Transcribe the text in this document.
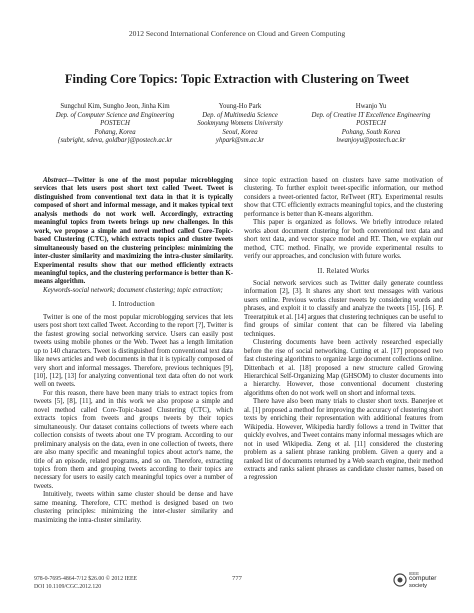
2012 Second International Conference on Cloud and Green Computing
Finding Core Topics: Topic Extraction with Clustering on Tweet
Sungchul Kim, Sungho Jeon, Jinha Kim
Dep. of Computer Science and Engineering
POSTECH
Pohang, Korea
{subright, sdeva, goldbar}@postech.ac.kr
Young-Ho Park
Dep. of Multimedia Science
Sookmyung Womens University
Seoul, Korea
yhpark@sm.ac.kr
Hwanjo Yu
Dep. of Creative IT Excellence Engineering
POSTECH
Pohang, South Korea
hwanjoyu@postech.ac.kr

Abstract—Twitter is one of the most popular microblogging services that lets users post short text called Tweet. Tweet is distinguished from conventional text data in that it is typically composed of short and informal message, and it makes typical text analysis methods do not work well. Accordingly, extracting meaningful topics from tweets brings up new challenges. In this work, we propose a simple and novel method called Core-Topic-based Clustering (CTC), which extracts topics and cluster tweets simultaneously based on the clustering principles: minimizing the inter-cluster similarity and maximizing the intra-cluster similarity. Experimental results show that our method efficiently extracts meaningful topics, and the clustering performance is better than K-means algorithm.

Keywords-social network; document clustering; topic extraction;

I. Introduction

Twitter is one of the most popular microblogging services that lets users post short text called Tweet. According to the report [?], Twitter is the fastest growing social networking service. Users can easily post tweets using mobile phones or the Web. Tweet has a length limitation up to 140 characters. Tweet is distinguished from conventional text data like news articles and web documents in that it is typically composed of very short and informal messages. Therefore, previous techniques [9], [10], [12], [13] for analyzing conventional text data often do not work well on tweets.

For this reason, there have been many trials to extract topics from tweets [5], [8], [11], and in this work we also propose a simple and novel method called Core-Topic-based Clustering (CTC), which extracts topics from tweets and groups tweets by their topics simultaneously. Our dataset contains collections of tweets where each collection consists of tweets about one TV program. According to our preliminary analysis on the data, even in one collection of tweets, there are also many specific and meaningful topics about actor's name, the title of an episode, related programs, and so on. Therefore, extracting topics from them and grouping tweets according to their topics are necessary for users to easily catch meaningful topics over a number of tweets.

Intuitively, tweets within same cluster should be dense and have same meaning. Therefore, CTC method is designed based on two clustering principles: minimizing the inter-cluster similarity and maximizing the intra-cluster similarity.

since topic extraction based on clusters have same motivation of clustering. To further exploit tweet-specific information, our method considers a tweet-oriented factor, ReTweet (RT). Experimental results show that CTC efficiently extracts meaningful topics, and the clustering performance is better than K-means algorithm.

This paper is organized as follows. We briefly introduce related works about document clustering for both conventional text data and short text data, and vector space model and RT. Then, we explain our method, CTC method. Finally, we provide experimental results to verify our approaches, and conclusion with future works.

II. Related Works

Social network services such as Twitter daily generate countless information [2], [3]. It shares any short text messages with various users online. Previous works cluster tweets by considering words and phrases, and exploit it to classify and analyze the tweets [15], [16]. P. Treeratpituk et al. [14] argues that clustering techniques can be useful to find groups of similar content that can be filtered via labeling techniques.

Clustering documents have been actively researched especially before the rise of social networking. Cutting et al. [17] proposed two fast clustering algorithms to organize large document collections online. Dittenbach et al. [18] proposed a new structure called Growing Hierarchical Self-Organizing Map (GHSOM) to cluster documents into a hierarchy. However, those conventional document clustering algorithms often do not work well on short and informal texts.

There have also been many trials to cluster short texts. Banerjee et al. [1] proposed a method for improving the accuracy of clustering short texts by enriching their representation with additional features from Wikipedia. However, Wikipedia hardly follows a trend in Twitter that quickly evolves, and Tweet contains many informal messages which are not in used Wikipedia. Zeng et al. [11] considered the clustering problem as a salient phrase ranking problem. Given a query and a ranked list of documents returned by a Web search engine, their method extracts and ranks salient phrases as candidate cluster names, based on a regression

978-0-7695-4864-7/12 $26.00 © 2012 IEEE
DOI 10.1109/CGC.2012.120
777
IEEE
computer
society
